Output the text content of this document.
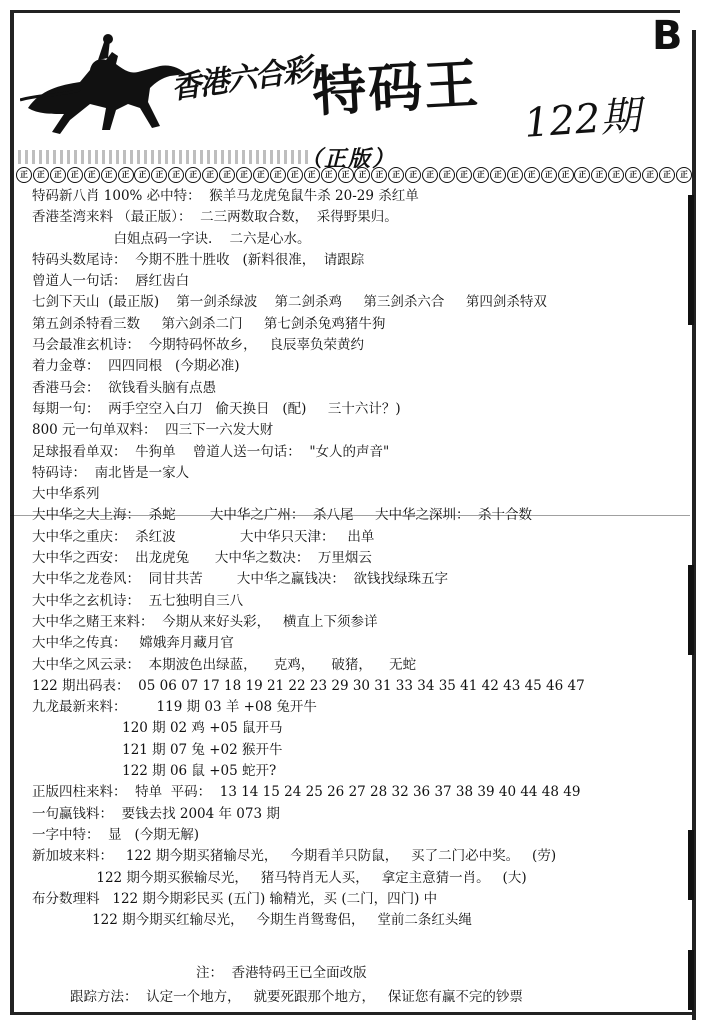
B
香港六合彩
特码王 122期
（正版）
正	正	正	正	正	正	正	正	正	正	正	正	正	正	正	正	正	正	正	正	正	正	正	正	正	正	正	正	正	正	正	正	正	正	正	正	正	正	正	正
特码新八肖 100% 必中特：  猴羊马龙虎兔鼠牛杀 20-29 杀红单
香港荃湾来料 （最正版）：  二三两数取合数，  采得野果归。
白姐点码一字诀.    二六是心水。
特码头数尾诗：  今期不胜十胜收   (新料很准，  请跟踪
曾道人一句话：  唇红齿白
七剑下天山  (最正版)    第一剑杀绿波    第二剑杀鸡     第三剑杀六合     第四剑杀特双
第五剑杀特看三数     第六剑杀二门     第七剑杀兔鸡猪牛狗
马会最准玄机诗：  今期特码怀故乡，   良辰辜负荣黄约
着力金尊：  四四同根   (今期必准)
香港马会：  欲钱看头脑有点愚
每期一句：  两手空空入白刀   偷天换日   (配)     三十六计？)
800 元一句单双料：  四三下一六发大财
足球报看单双：  牛狗单    曾道人送一句话：  "女人的声音"
特码诗：  南北皆是一家人
大中华系列
大中华之大上海：  杀蛇        大中华之广州：  杀八尾     大中华之深圳：  杀十合数
大中华之重庆：  杀红波               大中华只天津：   出单
大中华之西安：  出龙虎兔      大中华之数决：  万里烟云
大中华之龙卷风：  同甘共苦        大中华之赢钱决：  欲钱找绿珠五字
大中华之玄机诗：  五七独明自三八
大中华之赌王来料：  今期从来好头彩，   横直上下须参详
大中华之传真：   嫦娥奔月藏月官
大中华之风云录：  本期波色出绿蓝，    克鸡，    破猪，    无蛇
122 期出码表：  05 06 07 17 18 19 21 22 23 29 30 31 33 34 35 41 42 43 45 46 47
九龙最新来料：       119 期 03 羊 +08 兔开牛
120 期 02 鸡 +05 鼠开马
121 期 07 兔 +02 猴开牛
122 期 06 鼠 +05 蛇开?
正版四柱来料：  特单  平码：  13 14 15 24 25 26 27 28 32 36 37 38 39 40 44 48 49
一句赢钱料：  要钱去找 2004 年 073 期
一字中特：  显   (今期无解)
新加坡来料：   122 期今期买猪输尽光，   今期看羊只防鼠，   买了二门必中奖。   (劳)
122 期今期买猴输尽光，   猪马特肖无人买，   拿定主意猜一肖。   (大)
布分数理料   122 期今期彩民买 (五门) 输精光，买 (二门，四门) 中
122 期今期买红输尽光，   今期生肖鸳鸯侣，   堂前二条红头绳
注：  香港特码王已全面改版
跟踪方法：  认定一个地方，   就要死跟那个地方，   保证您有赢不完的钞票
